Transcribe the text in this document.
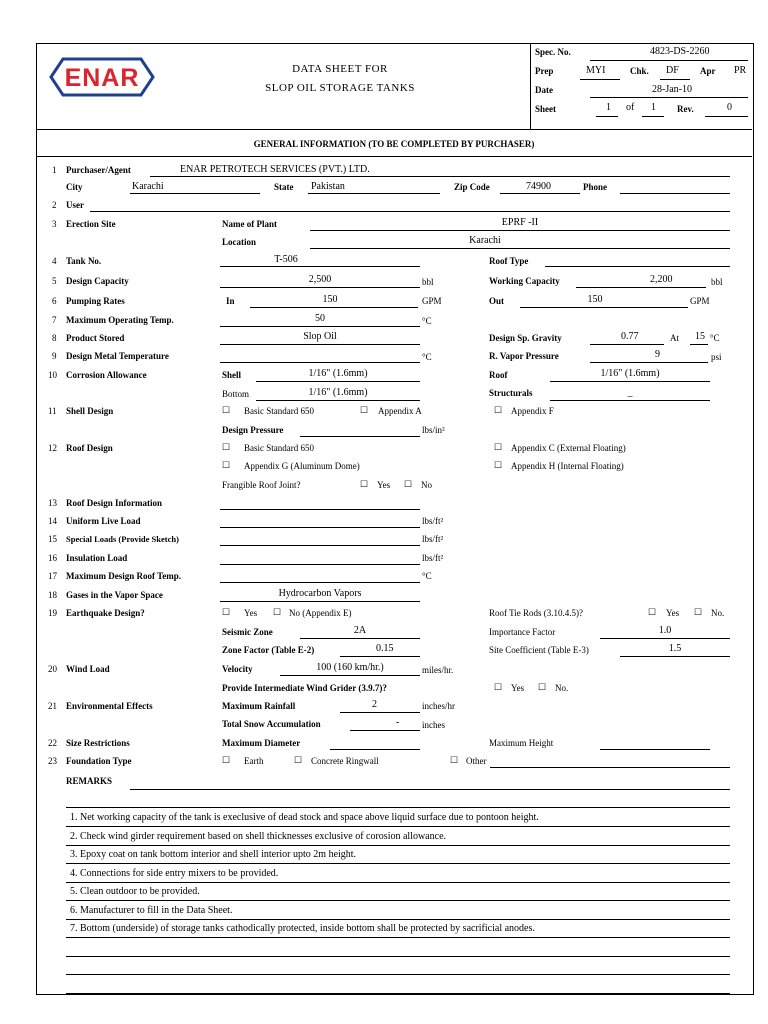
ENAR	DATA SHEET FOR
SLOP OIL STORAGE TANKS
Spec. No.	4823-DS-2260
Prep	MYI	Chk. DF Apr PR
Date	28-Jan-10
Sheet	1 of 1 Rev.	0
GENERAL INFORMATION (TO BE COMPLETED BY PURCHASER)
1 Purchaser/Agent	ENAR PETROTECH SERVICES (PVT.) LTD.
City	Karachi	State Pakistan	Zip Code	74900	Phone
2 User
3 Erection Site	Name of Plant	EPRF -II
Location	Karachi
4 Tank No.	T-506	Roof Type
5 Design Capacity	2,500	bbl	Working Capacity	2,200	bbl
6 Pumping Rates	In	150	GPM	Out	150	GPM
7 Maximum Operating Temp.	50	°C
8 Product Stored	Slop Oil	Design Sp. Gravity	0.77	At 15 °C
9 Design Metal Temperature	°C	R. Vapor Pressure	9	psi
10 Corrosion Allowance	Shell	1/16" (1.6mm)	Roof	1/16" (1.6mm)
Bottom	1/16" (1.6mm)	Structurals	_
11 Shell Design	☐ Basic Standard 650	☐ Appendix A	☐ Appendix F
Design Pressure	lbs/in²
12 Roof Design	☐ Basic Standard 650	☐ Appendix C (External Floating)
☐ Appendix G (Aluminum Dome)	☐ Appendix H (Internal Floating)
Frangible Roof Joint?	☐ Yes ☐ No
13 Roof Design Information
14 Uniform Live Load	lbs/ft²
15 Special Loads (Provide Sketch)	lbs/ft²
16 Insulation Load	lbs/ft²
17 Maximum Design Roof Temp.	°C
18 Gases in the Vapor Space	Hydrocarbon Vapors
19 Earthquake Design?	☐ Yes ☐ No (Appendix E)	Roof Tie Rods (3.10.4.5)?	☐ Yes ☐ No.
Seismic Zone	2A	Importance Factor	1.0
Zone Factor (Table E-2)	0.15	Site Coefficient (Table E-3)	1.5
20 Wind Load	Velocity	100 (160 km/hr.)	miles/hr.
Provide Intermediate Wind Grider (3.9.7)?	☐ Yes ☐ No.
21 Environmental Effects	Maximum Rainfall	2	inches/hr
Total Snow Accumulation	-	inches
22 Size Restrictions	Maximum Diameter	Maximum Height
23 Foundation Type	☐ Earth	☐ Concrete Ringwall	☐ Other
REMARKS
1. Net working capacity of the tank is execlusive of dead stock and space above liquid surface due to pontoon height.
2. Check wind girder requirement based on shell thicknesses exclusive of corosion allowance.
3. Epoxy coat on tank bottom interior and shell interior upto 2m height.
4. Connections for side entry mixers to be provided.
5. Clean outdoor to be provided.
6. Manufacturer to fill in the Data Sheet.
7. Bottom (underside) of storage tanks cathodically protected, inside bottom shall be protected by sacrificial anodes.
